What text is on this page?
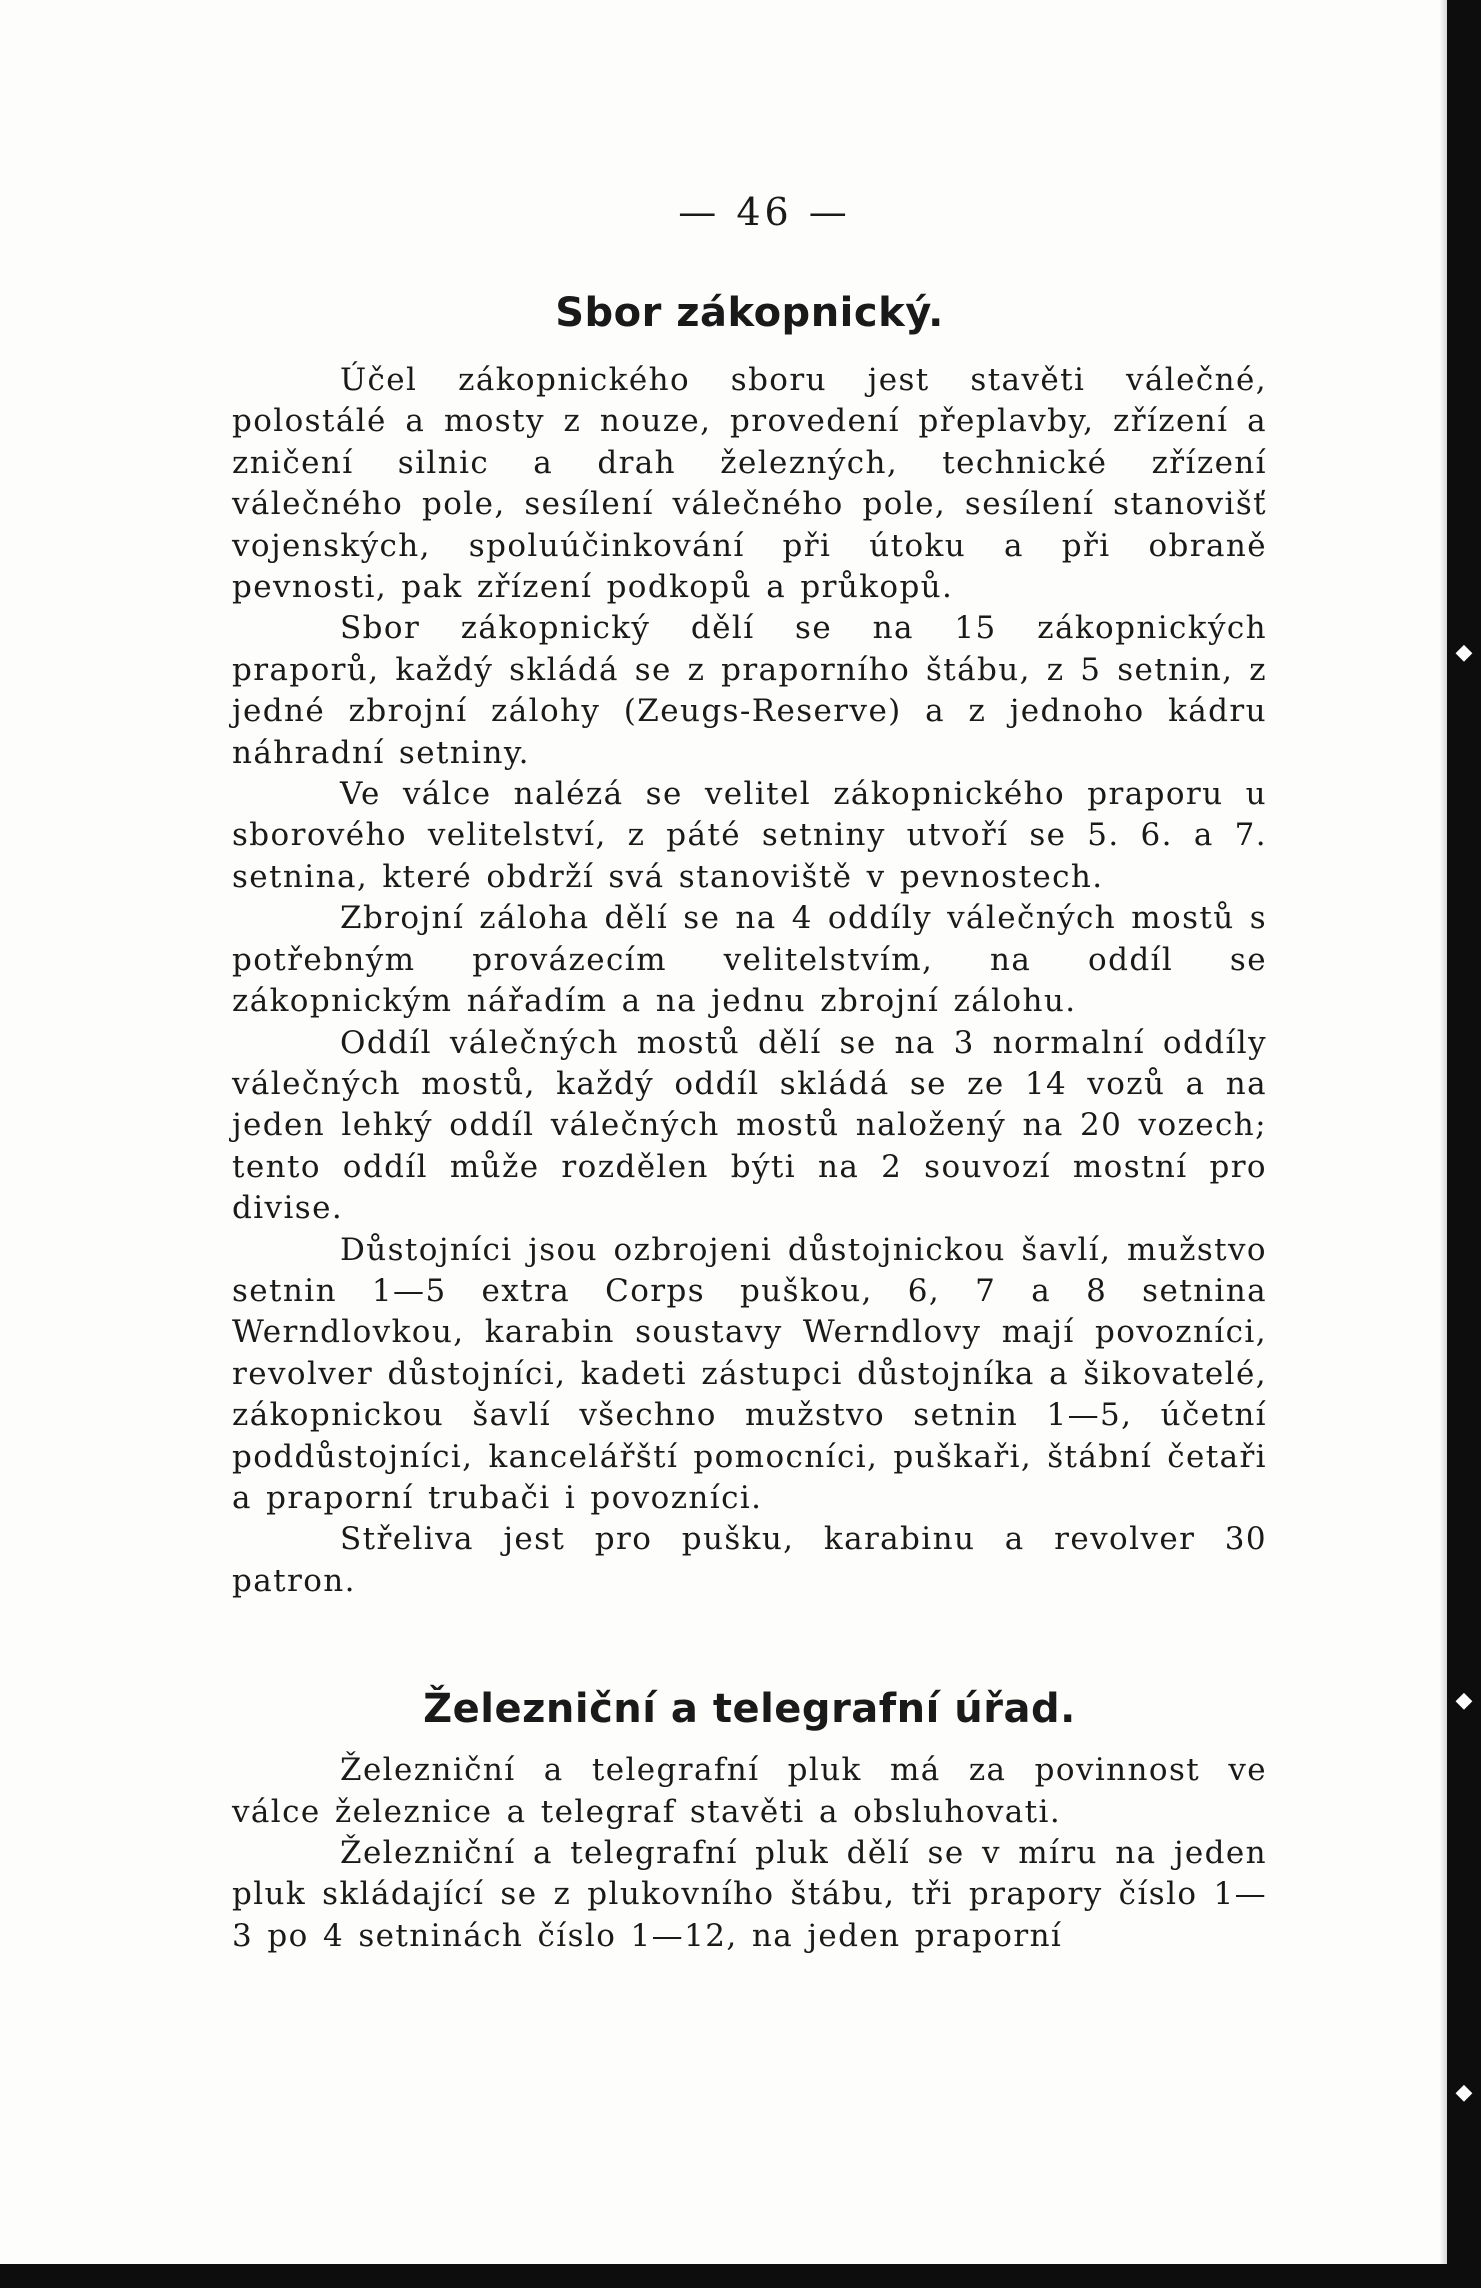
◆
◆
◆
— 46 —
Sbor zákopnický.

Účel zákopnického sboru jest stavěti válečné, polostálé a mosty z nouze, provedení přeplavby, zřízení a zničení silnic a drah železných, technické zřízení válečného pole, sesílení válečného pole, sesílení stanovišť vojenských, spoluúčinkování při útoku a při obraně pevnosti, pak zřízení podkopů a průkopů.

Sbor zákopnický dělí se na 15 zákopnických praporů, každý skládá se z praporního štábu, z 5 setnin, z jedné zbrojní zálohy (Zeugs-Reserve) a z jednoho kádru náhradní setniny.

Ve válce nalézá se velitel zákopnického praporu u sborového velitelství, z páté setniny utvoří se 5. 6. a 7. setnina, které obdrží svá stanoviště v pevnostech.

Zbrojní záloha dělí se na 4 oddíly válečných mostů s potřebným provázecím velitelstvím, na oddíl se zákopnickým nářadím a na jednu zbrojní zálohu.

Oddíl válečných mostů dělí se na 3 normalní oddíly válečných mostů, každý oddíl skládá se ze 14 vozů a na jeden lehký oddíl válečných mostů naložený na 20 vozech; tento oddíl může rozdělen býti na 2 souvozí mostní pro divise.

Důstojníci jsou ozbrojeni důstojnickou šavlí, mužstvo setnin 1—5 extra Corps puškou, 6, 7 a 8 setnina Werndlovkou, karabin soustavy Werndlovy mají povozníci, revolver důstojníci, kadeti zástupci důstojníka a šikovatelé, zákopnickou šavlí všechno mužstvo setnin 1—5, účetní poddůstojníci, kancelářští pomocníci, puškaři, štábní četaři a praporní trubači i povozníci.

Střeliva jest pro pušku, karabinu a revolver 30 patron.

Železniční a telegrafní úřad.

Železniční a telegrafní pluk má za povinnost ve válce železnice a telegraf stavěti a obsluhovati.

Železniční a telegrafní pluk dělí se v míru na jeden pluk skládající se z plukovního štábu, tři prapory číslo 1—3 po 4 setninách číslo 1—12, na jeden praporní
